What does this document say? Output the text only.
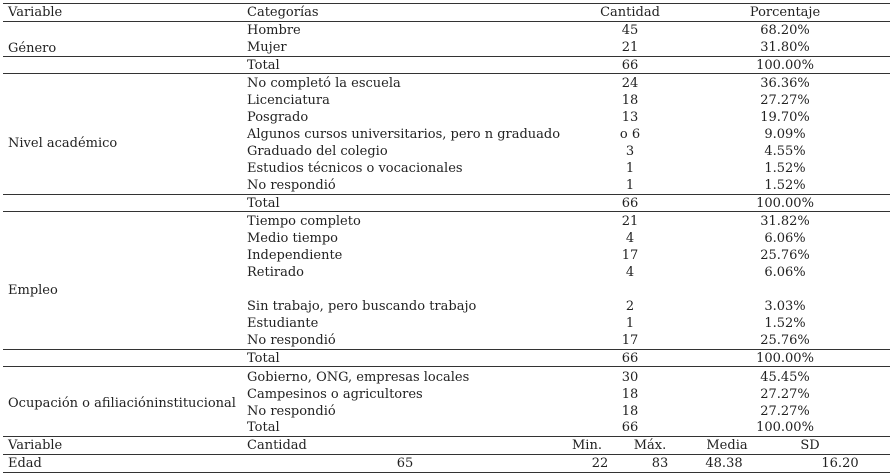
Variable	Categorías	Cantidad	Porcentaje
Género
Hombre	45	68.20%
Mujer	21	31.80%
Total	66	100.00%
Nivel académico
No completó la escuela	24	36.36%
Licenciatura	18	27.27%
Posgrado	13	19.70%
Algunos cursos universitarios, pero n graduado	o 6	9.09%
Graduado del colegio	3	4.55%
Estudios técnicos o vocacionales	1	1.52%
No respondió	1	1.52%
Total	66	100.00%
Empleo
Tiempo completo	21	31.82%
Medio tiempo	4	6.06%
Independiente	17	25.76%
Retirado	4	6.06%
Sin trabajo, pero buscando trabajo	2	3.03%
Estudiante	1	1.52%
No respondió	17	25.76%
Total	66	100.00%
Ocupación o afiliacióninstitucional
Gobierno, ONG, empresas locales	30	45.45%
Campesinos o agricultores	18	27.27%
No respondió	18	27.27%
Total	66	100.00%
Variable	Cantidad	Min.	Máx.	Media	SD
Edad	65	22	83	48.38	16.20
